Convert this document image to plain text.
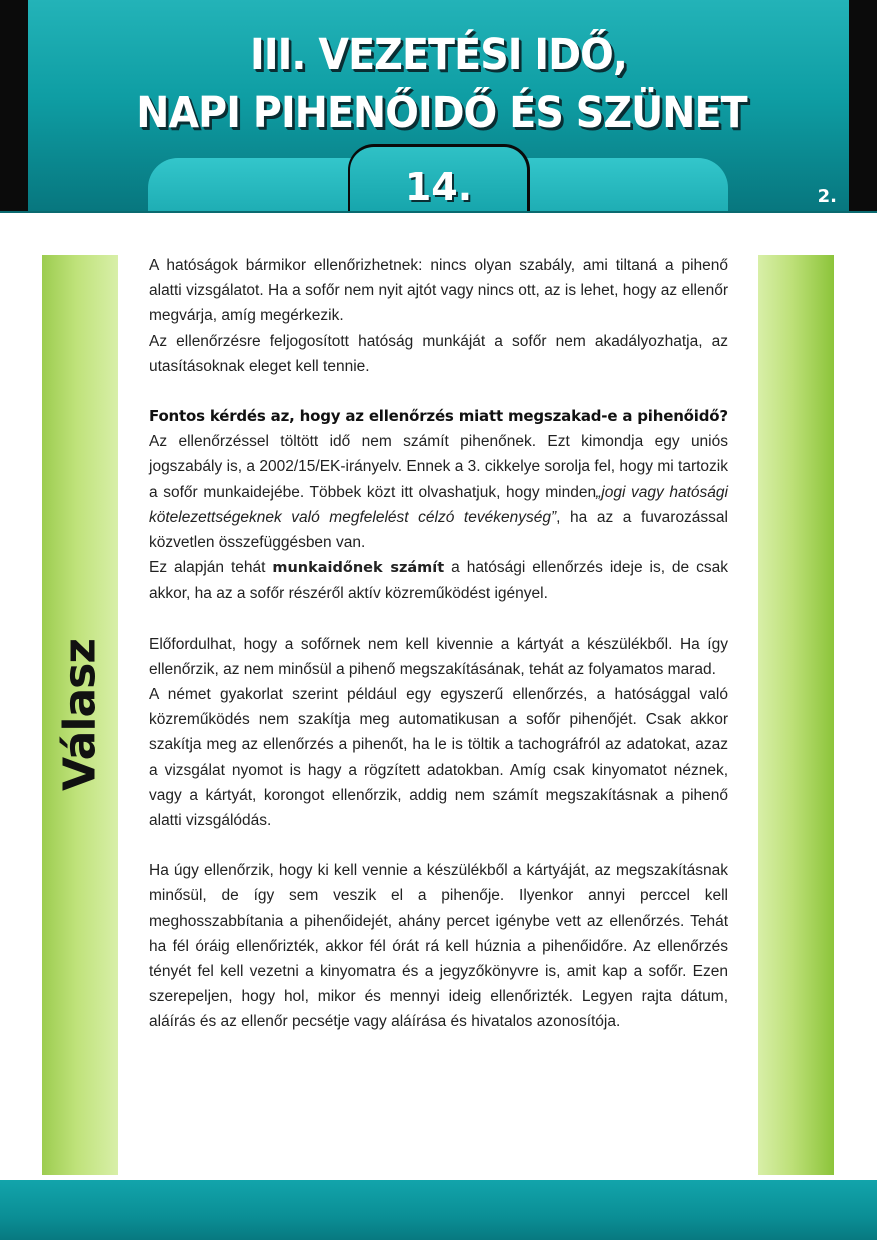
III. VEZETÉSI IDŐ,
NAPI PIHENŐIDŐ ÉS SZÜNET
14.	2.
Válasz

A hatóságok bármikor ellenőrizhetnek: nincs olyan szabály, ami tiltaná a pihenő alatti vizsgálatot. Ha a sofőr nem nyit ajtót vagy nincs ott, az is lehet, hogy az ellenőr megvárja, amíg megérkezik.

Az ellenőrzésre feljogosított hatóság munkáját a sofőr nem akadályozhatja, az utasításoknak eleget kell tennie.

Fontos kérdés az, hogy az ellenőrzés miatt megszakad-e a pihenőidő?

Az ellenőrzéssel töltött idő nem számít pihenőnek. Ezt kimondja egy uniós jogszabály is, a 2002/15/EK-irányelv. Ennek a 3. cikkelye sorolja fel, hogy mi tartozik a sofőr munkaidejébe. Többek közt itt olvashatjuk, hogy minden„jogi vagy hatósági kötelezettségeknek való megfelelést célzó tevékenység”, ha az a fuvarozással közvetlen összefüggésben van.

Ez alapján tehát munkaidőnek számít a hatósági ellenőrzés ideje is, de csak akkor, ha az a sofőr részéről aktív közreműködést igényel.

Előfordulhat, hogy a sofőrnek nem kell kivennie a kártyát a készülékből. Ha így ellenőrzik, az nem minősül a pihenő megszakításának, tehát az folyamatos marad.

A német gyakorlat szerint például egy egyszerű ellenőrzés, a hatósággal való közreműködés nem szakítja meg automatikusan a sofőr pihenőjét. Csak akkor szakítja meg az ellenőrzés a pihenőt, ha le is töltik a tachográfról az adatokat, azaz a vizsgálat nyomot is hagy a rögzített adatokban. Amíg csak kinyomatot néznek, vagy a kártyát, korongot ellenőrzik, addig nem számít megszakításnak a pihenő alatti vizsgálódás.

Ha úgy ellenőrzik, hogy ki kell vennie a készülékből a kártyáját, az megszakításnak minősül, de így sem veszik el a pihenője. Ilyenkor annyi perccel kell meghosszabbítania a pihenőidejét, ahány percet igénybe vett az ellenőrzés. Tehát ha fél óráig ellenőrizték, akkor fél órát rá kell húznia a pihenőidőre. Az ellenőrzés tényét fel kell vezetni a kinyomatra és a jegyzőkönyvre is, amit kap a sofőr. Ezen szerepeljen, hogy hol, mikor és mennyi ideig ellenőrizték. Legyen rajta dátum, aláírás és az ellenőr pecsétje vagy aláírása és hivatalos azonosítója.
